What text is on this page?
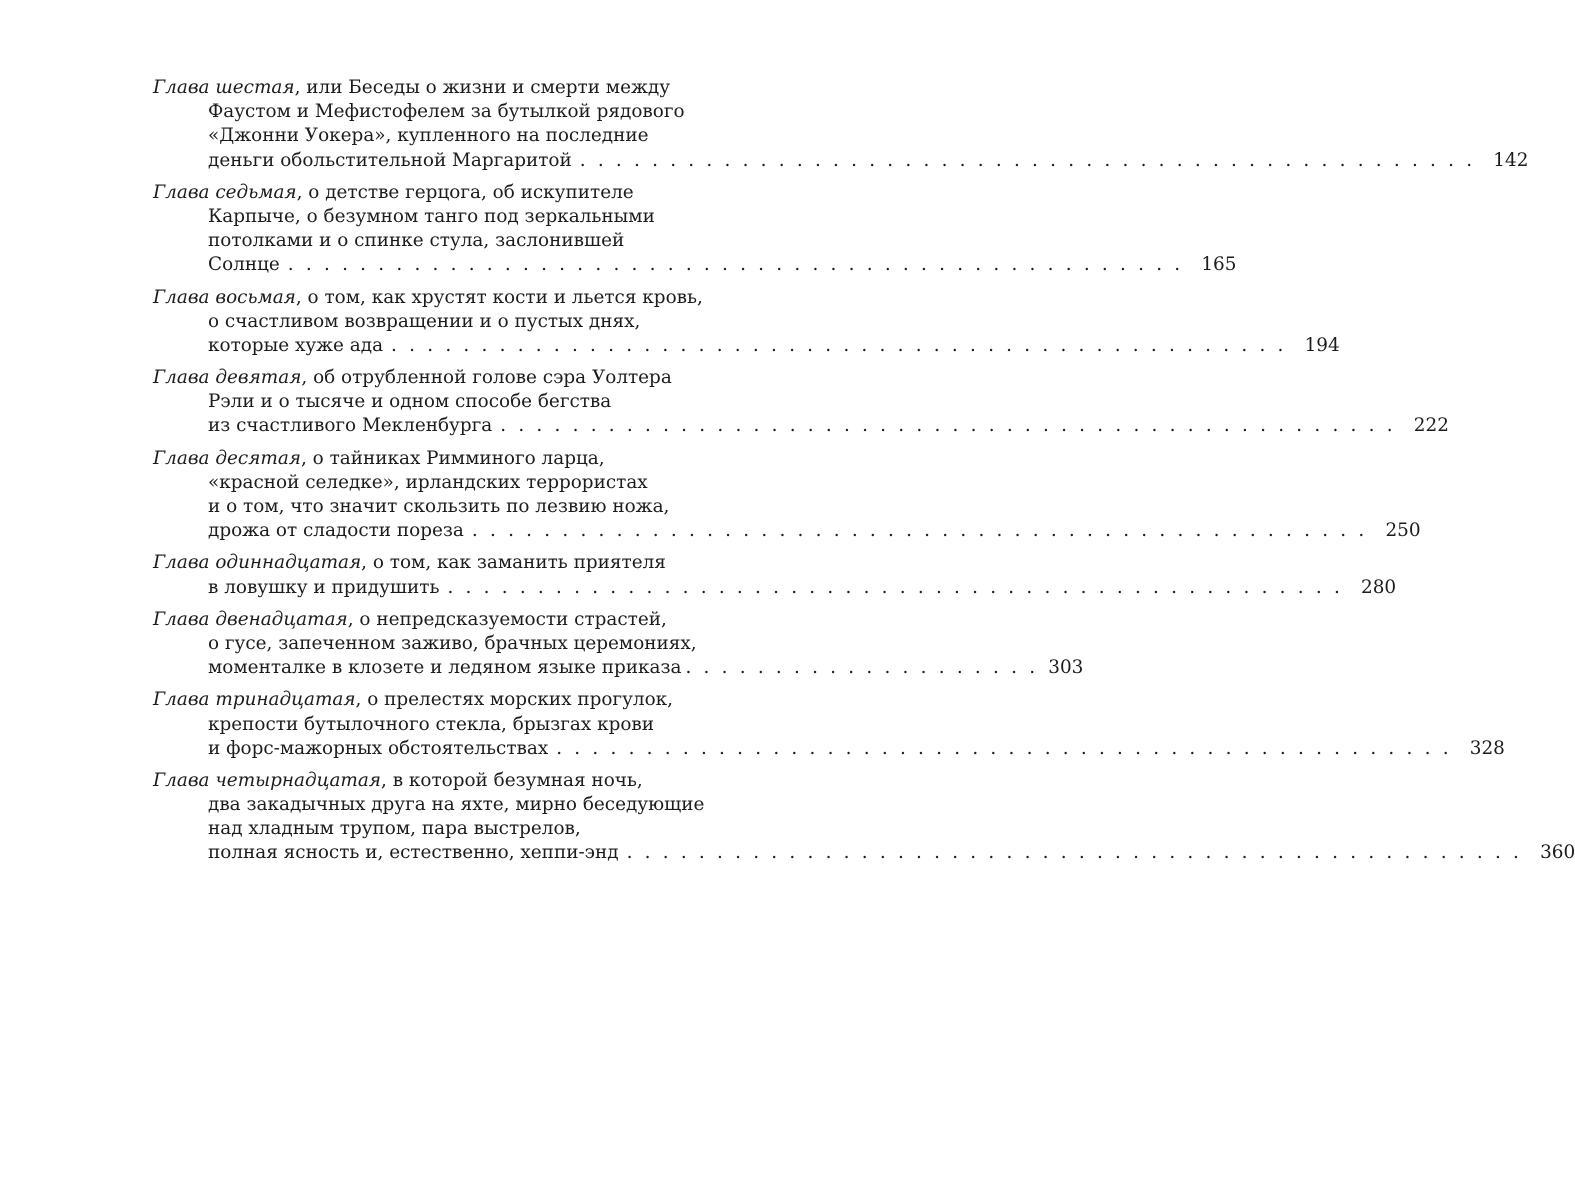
Глава шестая, или Беседы о жизни и смерти между
Фаустом и Мефистофелем за бутылкой рядового
«Джонни Уокера», купленного на последние
деньги обольстительной Маргаритой . . . . . . . . . . . . . . . . . . . . . . . . . . . . . . . . . . . . . . . . . . . . . . . . . . 142
Глава седьмая, о детстве герцога, об искупителе
Карпыче, о безумном танго под зеркальными
потолками и о спинке стула, заслонившей
Солнце . . . . . . . . . . . . . . . . . . . . . . . . . . . . . . . . . . . . . . . . . . . . . . . . . . 165
Глава восьмая, о том, как хрустят кости и льется кровь,
о счастливом возвращении и о пустых днях,
которые хуже ада . . . . . . . . . . . . . . . . . . . . . . . . . . . . . . . . . . . . . . . . . . . . . . . . . . 194
Глава девятая, об отрубленной голове сэра Уолтера
Рэли и о тысяче и одном способе бегства
из счастливого Мекленбурга . . . . . . . . . . . . . . . . . . . . . . . . . . . . . . . . . . . . . . . . . . . . . . . . . . 222
Глава десятая, о тайниках Римминого ларца,
«красной селедке», ирландских террористах
и о том, что значит скользить по лезвию ножа,
дрожа от сладости пореза . . . . . . . . . . . . . . . . . . . . . . . . . . . . . . . . . . . . . . . . . . . . . . . . . . 250
Глава одиннадцатая, о том, как заманить приятеля
в ловушку и придушить . . . . . . . . . . . . . . . . . . . . . . . . . . . . . . . . . . . . . . . . . . . . . . . . . . 280
Глава двенадцатая, о непредсказуемости страстей,
о гусе, запеченном заживо, брачных церемониях,
моменталке в клозете и ледяном языке приказа . . . . . . . . . . . . . . . . . . . . 303
Глава тринадцатая, о прелестях морских прогулок,
крепости бутылочного стекла, брызгах крови
и форс-мажорных обстоятельствах . . . . . . . . . . . . . . . . . . . . . . . . . . . . . . . . . . . . . . . . . . . . . . . . . . 328
Глава четырнадцатая, в которой безумная ночь,
два закадычных друга на яхте, мирно беседующие
над хладным трупом, пара выстрелов,
полная ясность и, естественно, хеппи-энд . . . . . . . . . . . . . . . . . . . . . . . . . . . . . . . . . . . . . . . . . . . . . . . . . . 360
